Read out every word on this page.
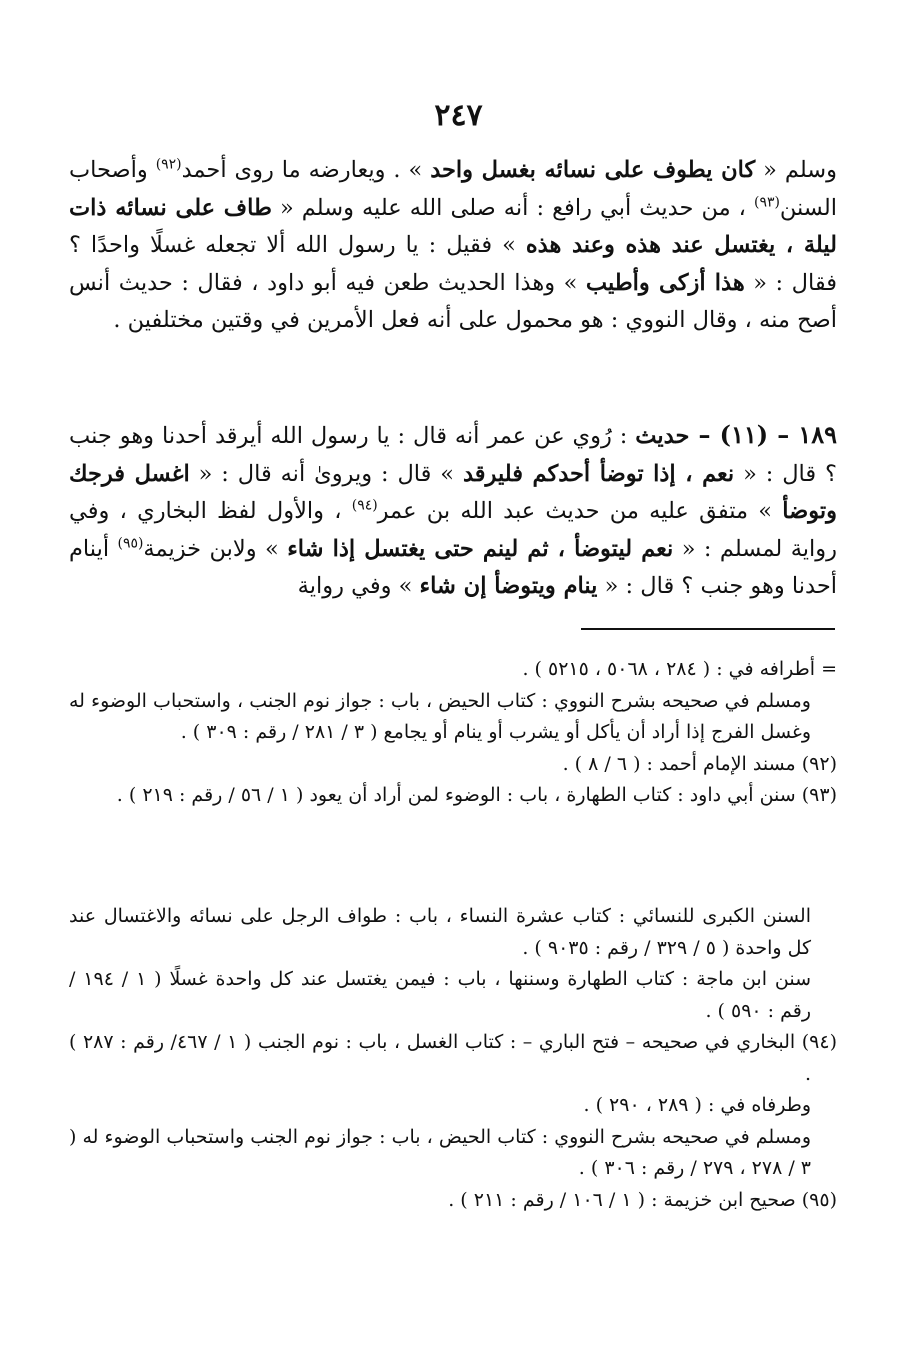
٢٤٧
وسلم « كان يطوف على نسائه بغسل واحد » . ويعارضه ما روى أحمد$^{(٩٢)}$ وأصحاب السنن$^{(٩٣)}$ ، من حديث أبي رافع : أنه صلى الله عليه وسلم « طاف على نسائه ذات ليلة ، يغتسل عند هذه وعند هذه » فقيل : يا رسول الله ألا تجعله غسلًا واحدًا ؟ فقال : « هذا أزكى وأطيب » وهذا الحديث طعن فيه أبو داود ، فقال : حديث أنس أصح منه ، وقال النووي : هو محمول على أنه فعل الأمرين في وقتين مختلفين .
١٨٩ – (١١) – حديث : رُوي عن عمر أنه قال : يا رسول الله أيرقد أحدنا وهو جنب ؟ قال : « نعم ، إذا توضأ أحدكم فليرقد » قال : ويروىٰ أنه قال : « اغسل فرجك وتوضأ » متفق عليه من حديث عبد الله بن عمر$^{(٩٤)}$ ، والأول لفظ البخاري ، وفي رواية لمسلم : « نعم ليتوضأ ، ثم لينم حتى يغتسل إذا شاء » ولابن خزيمة$^{(٩٥)}$ أينام أحدنا وهو جنب ؟ قال : « ينام ويتوضأ إن شاء » وفي رواية

= أطرافه في : ( ٢٨٤ ، ٥٠٦٨ ، ٥٢١٥ ) .

ومسلم في صحيحه بشرح النووي : كتاب الحيض ، باب : جواز نوم الجنب ، واستحباب الوضوء له وغسل الفرج إذا أراد أن يأكل أو يشرب أو ينام أو يجامع ( ٣ / ٢٨١ / رقم : ٣٠٩ ) .

(٩٢) مسند الإمام أحمد : ( ٦ / ٨ ) .

(٩٣) سنن أبي داود : كتاب الطهارة ، باب : الوضوء لمن أراد أن يعود ( ١ / ٥٦ / رقم : ٢١٩ ) .

السنن الكبرى للنسائي : كتاب عشرة النساء ، باب : طواف الرجل على نسائه والاغتسال عند كل واحدة ( ٥ / ٣٢٩ / رقم : ٩٠٣٥ ) .

سنن ابن ماجة : كتاب الطهارة وسننها ، باب : فيمن يغتسل عند كل واحدة غسلًا ( ١ / ١٩٤ / رقم : ٥٩٠ ) .

(٩٤) البخاري في صحيحه – فتح الباري – : كتاب الغسل ، باب : نوم الجنب ( ١ / ٤٦٧/ رقم : ٢٨٧ ) .

وطرفاه في : ( ٢٨٩ ، ٢٩٠ ) .

ومسلم في صحيحه بشرح النووي : كتاب الحيض ، باب : جواز نوم الجنب واستحباب الوضوء له ( ٣ / ٢٧٨ ، ٢٧٩ / رقم : ٣٠٦ ) .

(٩٥) صحيح ابن خزيمة : ( ١ / ١٠٦ / رقم : ٢١١ ) .
